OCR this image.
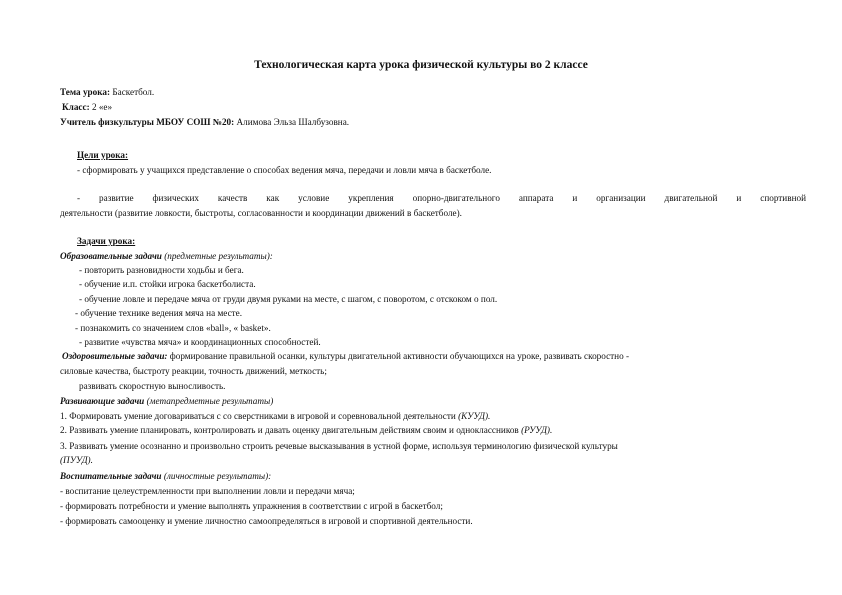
Технологическая карта урока физической культуры во 2 классе
Тема урока: Баскетбол.
Класс: 2 «е»
Учитель физкультуры МБОУ СОШ №20: Алимова Эльза Шалбузовна.
Цели урока:
- сформировать у учащихся представление о способах ведения мяча, передачи и ловли мяча в баскетболе.
- развитие физических качеств как условие укрепления опорно-двигательного аппарата и организации двигательной и спортивной
деятельности (развитие ловкости, быстроты, согласованности и координации движений в баскетболе).
Задачи урока:
Образовательные задачи (предметные результаты):
- повторить разновидности ходьбы и бега.
- обучение и.п. стойки игрока баскетболиста.
- обучение ловле и передаче мяча от груди двумя руками на месте, с шагом, с поворотом, с отскоком о пол.
- обучение технике ведения мяча на месте.
- познакомить со значением слов «ball», « basket».
- развитие «чувства мяча» и координационных способностей.
Оздоровительные задачи: формирование правильной осанки, культуры двигательной активности обучающихся на уроке, развивать скоростно -
силовые качества, быстроту реакции, точность движений, меткость;
развивать скоростную выносливость.
Развивающие задачи (метапредметные результаты)
1. Формировать умение договариваться с со сверстниками в игровой и соревновальной деятельности (КУУД).
2. Развивать умение планировать, контролировать и давать оценку двигательным действиям своим и одноклассников (РУУД).
3. Развивать умение осознанно и произвольно строить речевые высказывания в устной форме, используя терминологию физической культуры
(ПУУД).
Воспитательные задачи (личностные результаты):
- воспитание целеустремленности при выполнении ловли и передачи мяча;
- формировать потребности и умение выполнять упражнения в соответствии с игрой в баскетбол;
- формировать самооценку и умение личностно самоопределяться в игровой и спортивной деятельности.
